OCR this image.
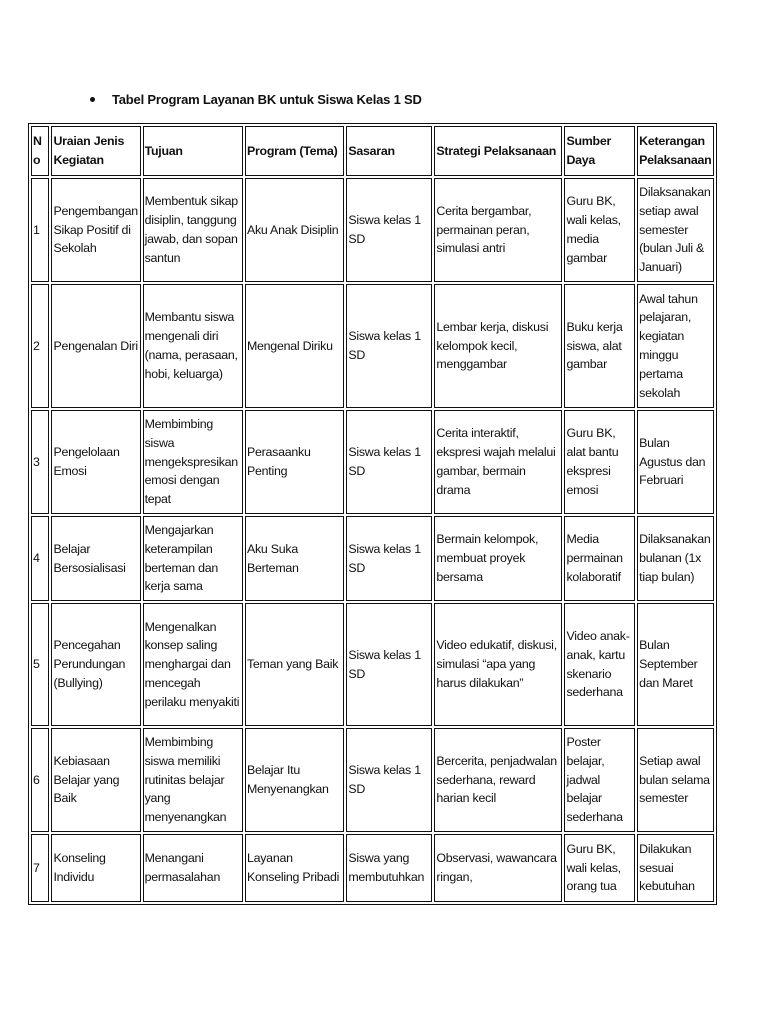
Tabel Program Layanan BK untuk Siswa Kelas 1 SD
No	Uraian Jenis Kegiatan	Tujuan	Program (Tema)	Sasaran	Strategi Pelaksanaan	Sumber Daya	Keterangan Pelaksanaan
1	Pengembangan Sikap Positif di Sekolah	Membentuk sikap disiplin, tanggung jawab, dan sopan santun	Aku Anak Disiplin	Siswa kelas 1 SD	Cerita bergambar, permainan peran, simulasi antri	Guru BK, wali kelas, media gambar	Dilaksanakan setiap awal semester (bulan Juli & Januari)
2	Pengenalan Diri	Membantu siswa mengenali diri (nama, perasaan, hobi, keluarga)	Mengenal Diriku	Siswa kelas 1 SD	Lembar kerja, diskusi kelompok kecil, menggambar	Buku kerja siswa, alat gambar	Awal tahun pelajaran, kegiatan minggu pertama sekolah
3	Pengelolaan Emosi	Membimbing siswa mengekspresikan emosi dengan tepat	Perasaanku Penting	Siswa kelas 1 SD	Cerita interaktif, ekspresi wajah melalui gambar, bermain drama	Guru BK, alat bantu ekspresi emosi	Bulan Agustus dan Februari
4	Belajar Bersosialisasi	Mengajarkan keterampilan berteman dan kerja sama	Aku Suka Berteman	Siswa kelas 1 SD	Bermain kelompok, membuat proyek bersama	Media permainan kolaboratif	Dilaksanakan bulanan (1x tiap bulan)
5	Pencegahan Perundungan (Bullying)	Mengenalkan konsep saling menghargai dan mencegah perilaku menyakiti	Teman yang Baik	Siswa kelas 1 SD	Video edukatif, diskusi, simulasi “apa yang harus dilakukan”	Video anak-anak, kartu skenario sederhana	Bulan September dan Maret
6	Kebiasaan Belajar yang Baik	Membimbing siswa memiliki rutinitas belajar yang menyenangkan	Belajar Itu Menyenangkan	Siswa kelas 1 SD	Bercerita, penjadwalan sederhana, reward harian kecil	Poster belajar, jadwal belajar sederhana	Setiap awal bulan selama semester
7	Konseling Individu	Menangani permasalahan	Layanan Konseling Pribadi	Siswa yang membutuhkan	Observasi, wawancara ringan,	Guru BK, wali kelas, orang tua	Dilakukan sesuai kebutuhan
